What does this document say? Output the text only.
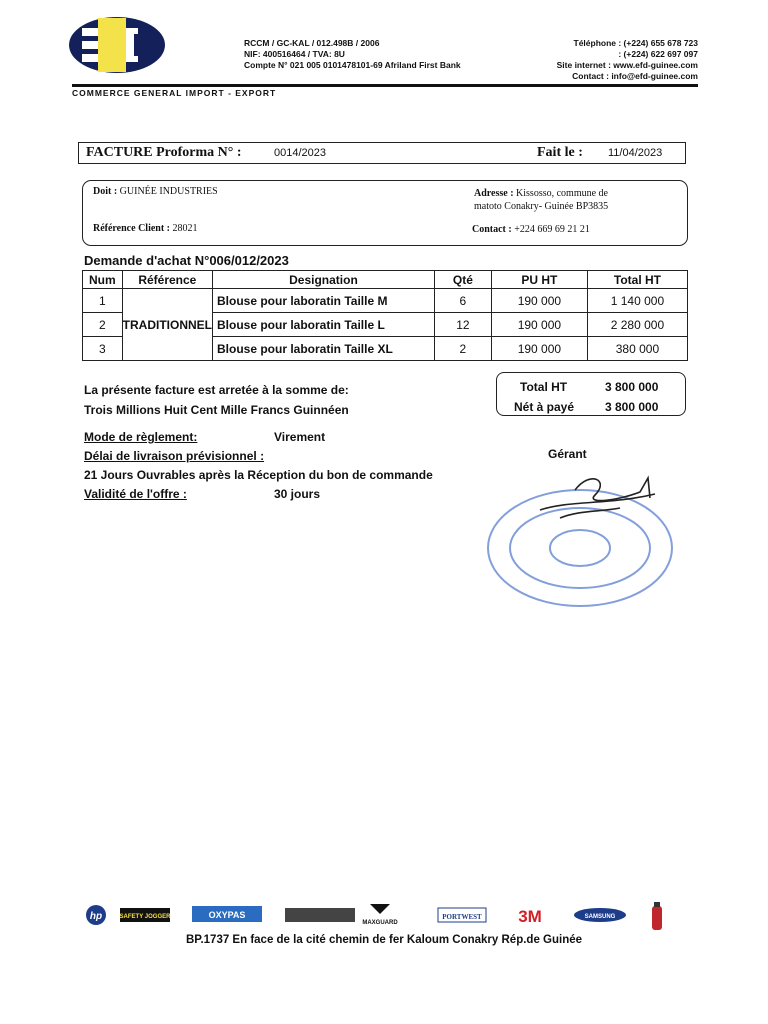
RCCM / GC-KAL / 012.498B / 2006
NIF: 400516464 / TVA: 8U
Compte N° 021 005 0101478101-69 Afriland First Bank
Téléphone : (+224) 655 678 723
: (+224) 622 697 097
Site internet : www.efd-guinee.com
Contact : info@efd-guinee.com
COMMERCE GENERAL IMPORT - EXPORT
FACTURE Proforma N° :	0014/2023	Fait le : 11/04/2023
Doit : GUINÉE INDUSTRIES
Référence Client : 28021
Adresse : Kissosso, commune de
matoto Conakry- Guinée BP3835
Contact : +224 669 69 21 21
Demande d'achat N°006/012/2023
Num	Référence	Designation	Qté	PU HT	Total HT
1	TRADITIONNEL	Blouse pour laboratin Taille M	6	190 000	1 140 000
2		Blouse pour laboratin Taille L	12	190 000	2 280 000
3		Blouse pour laboratin Taille XL	2	190 000	380 000
La présente facture est arretée à la somme de:
Trois Millions Huit Cent Mille Francs Guinnéen
Total HT	3 800 000
Nét à payé	3 800 000
Mode de règlement:	Virement
Délai de livraison prévisionnel :
21 Jours Ouvrables après la Réception du bon de commande
Validité de l'offre :	30 jours
Gérant
hp	SAFETY JOGGER	OXYPAS
MAXGUARD
PORTWEST 3M	SAMSUNG
BP.1737 En face de la cité chemin de fer Kaloum Conakry Rép.de Guinée
